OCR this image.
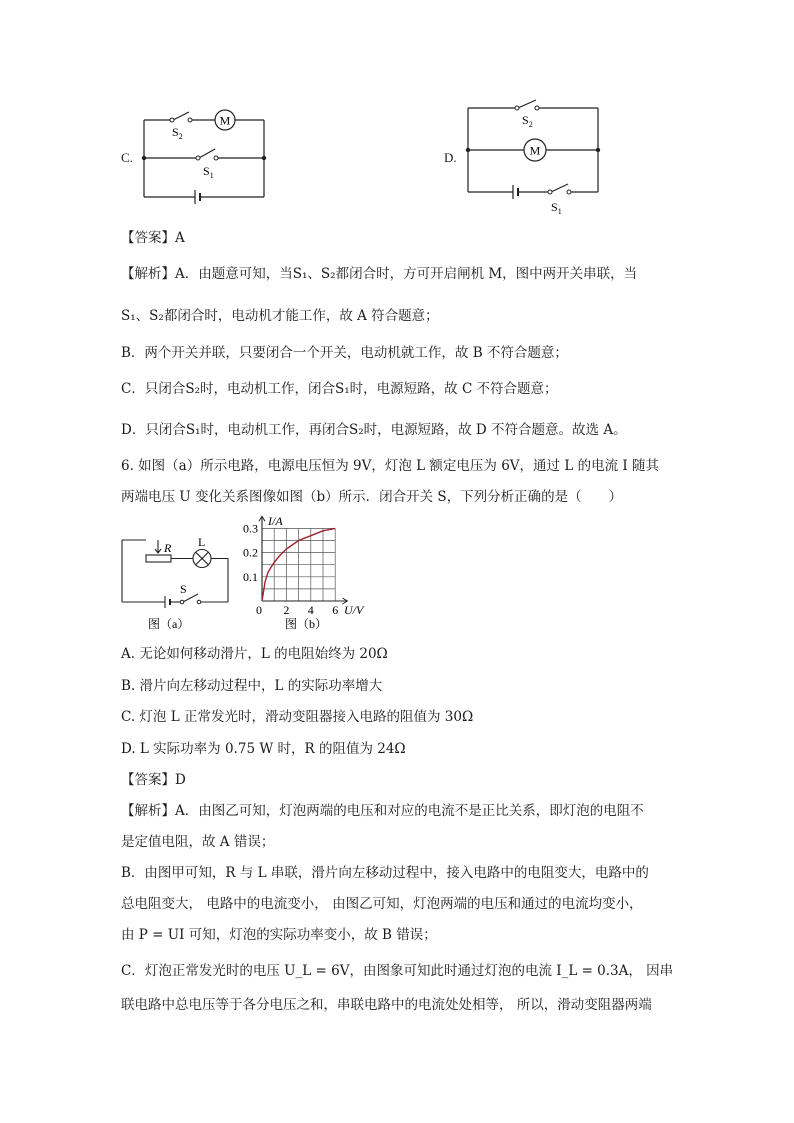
C.
M
$S_2$
$S_1$
D.	M
$S_2$
$S_1$
【答案】A
【解析】A．由题意可知，当S₁、S₂都闭合时，方可开启闸机 M，图中两开关串联，当
S₁、S₂都闭合时，电动机才能工作，故 A 符合题意；
B．两个开关并联，只要闭合一个开关，电动机就工作，故 B 不符合题意；
C．只闭合S₂时，电动机工作，闭合S₁时，电源短路，故 C 不符合题意；
D．只闭合S₁时，电动机工作，再闭合S₂时，电源短路，故 D 不符合题意。故选 A。
6. 如图（a）所示电路，电源电压恒为 9V，灯泡 L 额定电压为 6V，通过 L 的电流 I 随其
两端电压 U 变化关系图像如图（b）所示．闭合开关 S，下列分析正确的是（　　）
R L
S
图（a）
0 2 4 6
0.1
0.2
0.3
I/A
U/V
图（b）
A. 无论如何移动滑片，L 的电阻始终为 20Ω
B. 滑片向左移动过程中，L 的实际功率增大
C. 灯泡 L 正常发光时，滑动变阻器接入电路的阻值为 30Ω
D. L 实际功率为 0.75 W 时，R 的阻值为 24Ω
【答案】D
【解析】A．由图乙可知，灯泡两端的电压和对应的电流不是正比关系，即灯泡的电阻不
是定值电阻，故 A 错误；
B．由图甲可知，R 与 L 串联，滑片向左移动过程中，接入电路中的电阻变大，电路中的
总电阻变大， 电路中的电流变小， 由图乙可知，灯泡两端的电压和通过的电流均变小，
由 P = UI 可知，灯泡的实际功率变小，故 B 错误；
C．灯泡正常发光时的电压 U_L = 6V，由图象可知此时通过灯泡的电流 I_L = 0.3A， 因串
联电路中总电压等于各分电压之和，串联电路中的电流处处相等， 所以，滑动变阻器两端
